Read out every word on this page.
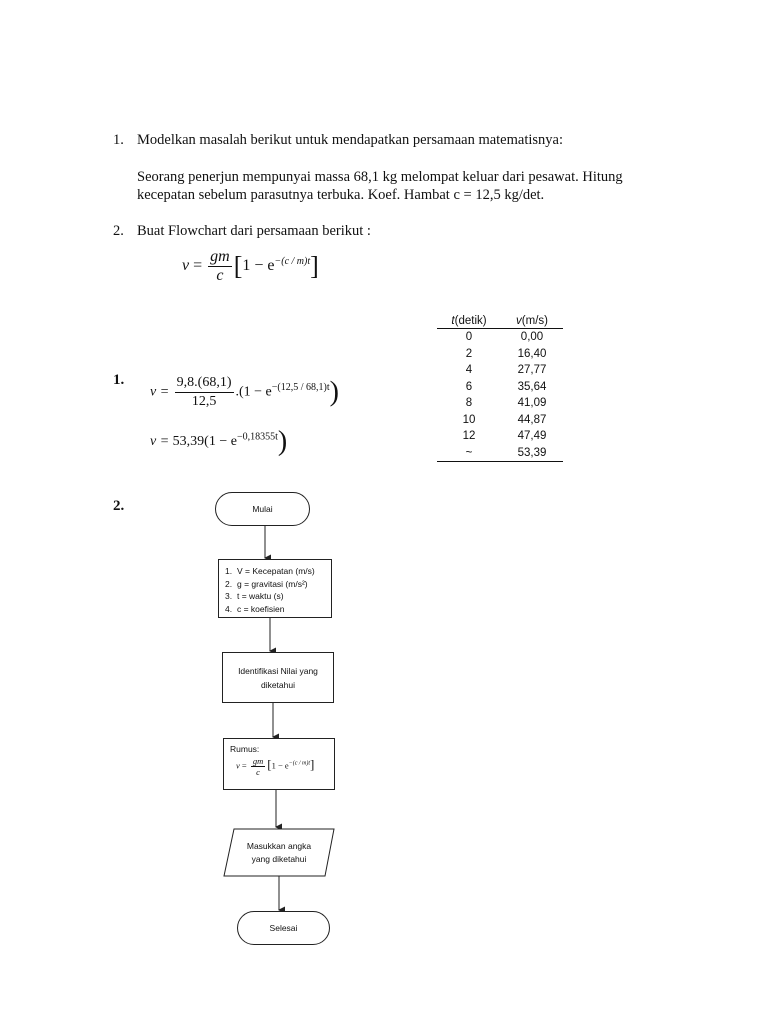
1. Modelkan masalah berikut untuk mendapatkan persamaan matematisnya:
Seorang penerjun mempunyai massa 68,1 kg melompat keluar dari pesawat. Hitung
kecepatan sebelum parasutnya terbuka. Koef. Hambat c = 12,5 kg/det.
2. Buat Flowchart dari persamaan berikut :
$v = \frac{gm}{c} [1 - e^{-(c / m)t}]$
1.
$v = \frac{9,8.(68,1)}{12,5} .(1 - e^{-(12,5 / 68,1)t})$
$v = 53,39(1 - e^{-0,18355t})$
t(detik)	v(m/s)
0	0,00
2	16,40
4	27,77
6	35,64
8	41,09
10	44,87
12	47,49
~	53,39
2.	Mulai
1. V = Kecepatan (m/s)
2. g = gravitasi (m/s²)
3. t = waktu (s)
4. c = koefisien
Identifikasi Nilai yang
diketahui
Rumus:
$v = \frac{gm}{c} [1 - e^{-(c / m)t}]$
Masukkan angka
yang diketahui
Selesai
